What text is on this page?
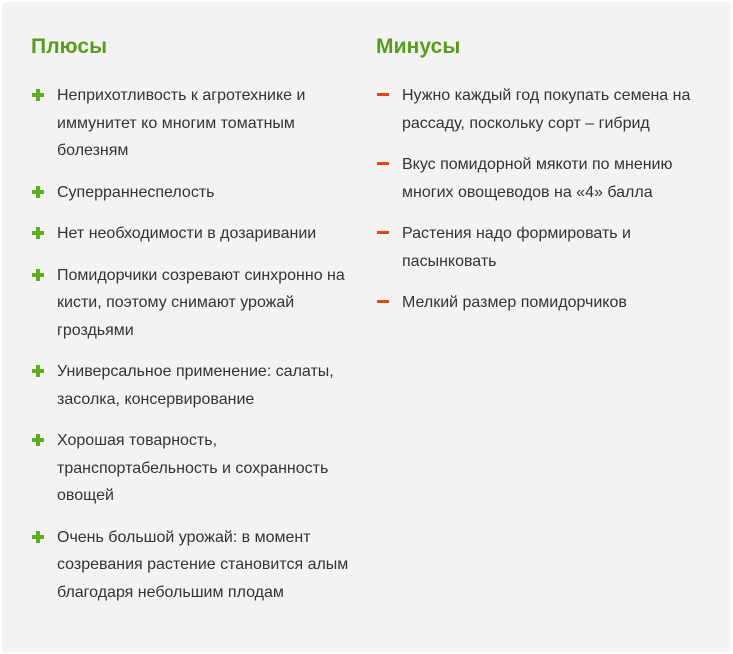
Плюсы
Неприхотливость к агротехнике и иммунитет ко многим томатным болезням
Суперраннеспелость
Нет необходимости в дозаривании
Помидорчики созревают синхронно на кисти, поэтому снимают урожай гроздьями
Универсальное применение: салаты, засолка, консервирование
Хорошая товарность, транспортабельность и сохранность овощей
Очень большой урожай: в момент созревания растение становится алым благодаря небольшим плодам
Минусы
Нужно каждый год покупать семена на рассаду, поскольку сорт – гибрид
Вкус помидорной мякоти по мнению многих овощеводов на «4» балла
Растения надо формировать и пасынковать
Мелкий размер помидорчиков
